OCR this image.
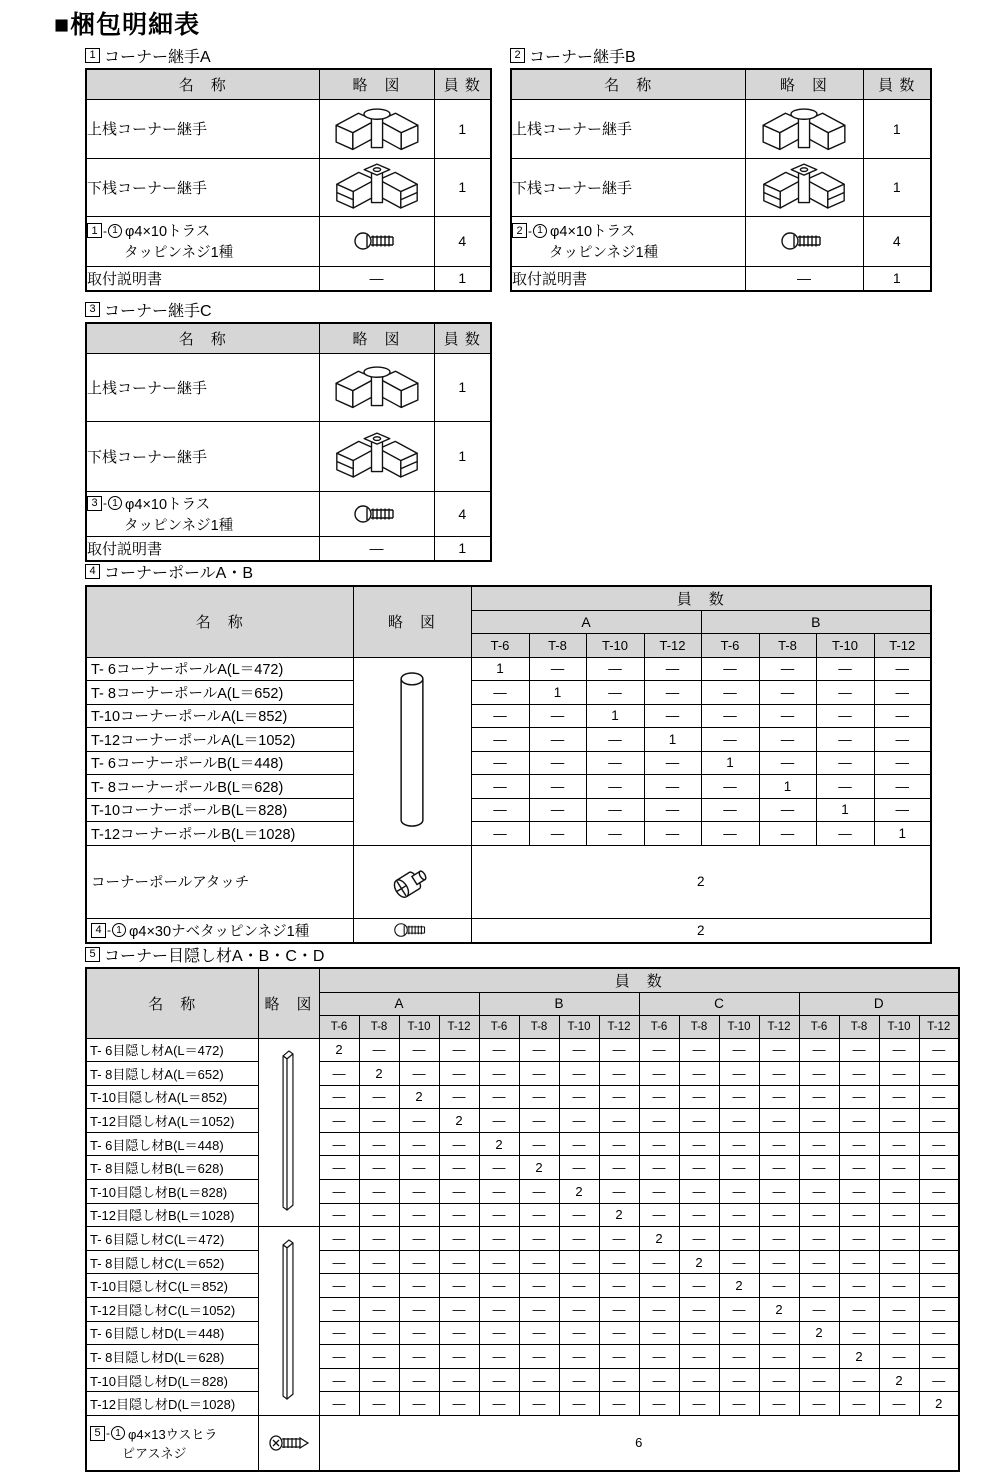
■梱包明細表
1 コーナー継手A	2 コーナー継手B
3 コーナー継手C
4 コーナーポールA・B
5 コーナー目隠し材A・B・C・D
名　称	略　図	員 数
上桟コーナー継手		1
下桟コーナー継手		1

1 - 1 φ4×10トラス
タッピンネジ1種		4
取付説明書	―	1
名　称	略　図	員 数
上桟コーナー継手		1
下桟コーナー継手		1

2 - 1 φ4×10トラス
タッピンネジ1種		4
取付説明書	―	1
名　称	略　図	員 数
上桟コーナー継手		1
下桟コーナー継手		1

3 - 1 φ4×10トラス
タッピンネジ1種		4
取付説明書	―	1
名　称	略　図	員　数							
		A				B			
		T-6	T-8	T-10	T-12	T-6	T-8	T-10	T-12
T- 6コーナーポールA(L＝472)		1	―	―	―	―	―	―	―
T- 8コーナーポールA(L＝652)		―	1	―	―	―	―	―	―
T-10コーナーポールA(L＝852)		―	―	1	―	―	―	―	―
T-12コーナーポールA(L＝1052)		―	―	―	1	―	―	―	―
T- 6コーナーポールB(L＝448)		―	―	―	―	1	―	―	―
T- 8コーナーポールB(L＝628)		―	―	―	―	―	1	―	―
T-10コーナーポールB(L＝828)		―	―	―	―	―	―	1	―
T-12コーナーポールB(L＝1028)		―	―	―	―	―	―	―	1
コーナーポールアタッチ		2							

4 - 1 φ4×30ナベタッピンネジ1種		2							
名　称	略　図	員　数															
		A				B				C				D			
		T-6	T-8	T-10	T-12	T-6	T-8	T-10	T-12	T-6	T-8	T-10	T-12	T-6	T-8	T-10	T-12
T- 6目隠し材A(L＝472)		2	―	―	―	―	―	―	―	―	―	―	―	―	―	―	―
T- 8目隠し材A(L＝652)		―	2	―	―	―	―	―	―	―	―	―	―	―	―	―	―
T-10目隠し材A(L＝852)		―	―	2	―	―	―	―	―	―	―	―	―	―	―	―	―
T-12目隠し材A(L＝1052)		―	―	―	2	―	―	―	―	―	―	―	―	―	―	―	―
T- 6目隠し材B(L＝448)		―	―	―	―	2	―	―	―	―	―	―	―	―	―	―	―
T- 8目隠し材B(L＝628)		―	―	―	―	―	2	―	―	―	―	―	―	―	―	―	―
T-10目隠し材B(L＝828)		―	―	―	―	―	―	2	―	―	―	―	―	―	―	―	―
T-12目隠し材B(L＝1028)		―	―	―	―	―	―	―	2	―	―	―	―	―	―	―	―
T- 6目隠し材C(L＝472)		―	―	―	―	―	―	―	―	2	―	―	―	―	―	―	―
T- 8目隠し材C(L＝652)		―	―	―	―	―	―	―	―	―	2	―	―	―	―	―	―
T-10目隠し材C(L＝852)		―	―	―	―	―	―	―	―	―	―	2	―	―	―	―	―
T-12目隠し材C(L＝1052)		―	―	―	―	―	―	―	―	―	―	―	2	―	―	―	―
T- 6目隠し材D(L＝448)		―	―	―	―	―	―	―	―	―	―	―	―	2	―	―	―
T- 8目隠し材D(L＝628)		―	―	―	―	―	―	―	―	―	―	―	―	―	2	―	―
T-10目隠し材D(L＝828)		―	―	―	―	―	―	―	―	―	―	―	―	―	―	2	―
T-12目隠し材D(L＝1028)		―	―	―	―	―	―	―	―	―	―	―	―	―	―	―	2

5 - 1 φ4×13ウスヒラ
ピアスネジ		6															
